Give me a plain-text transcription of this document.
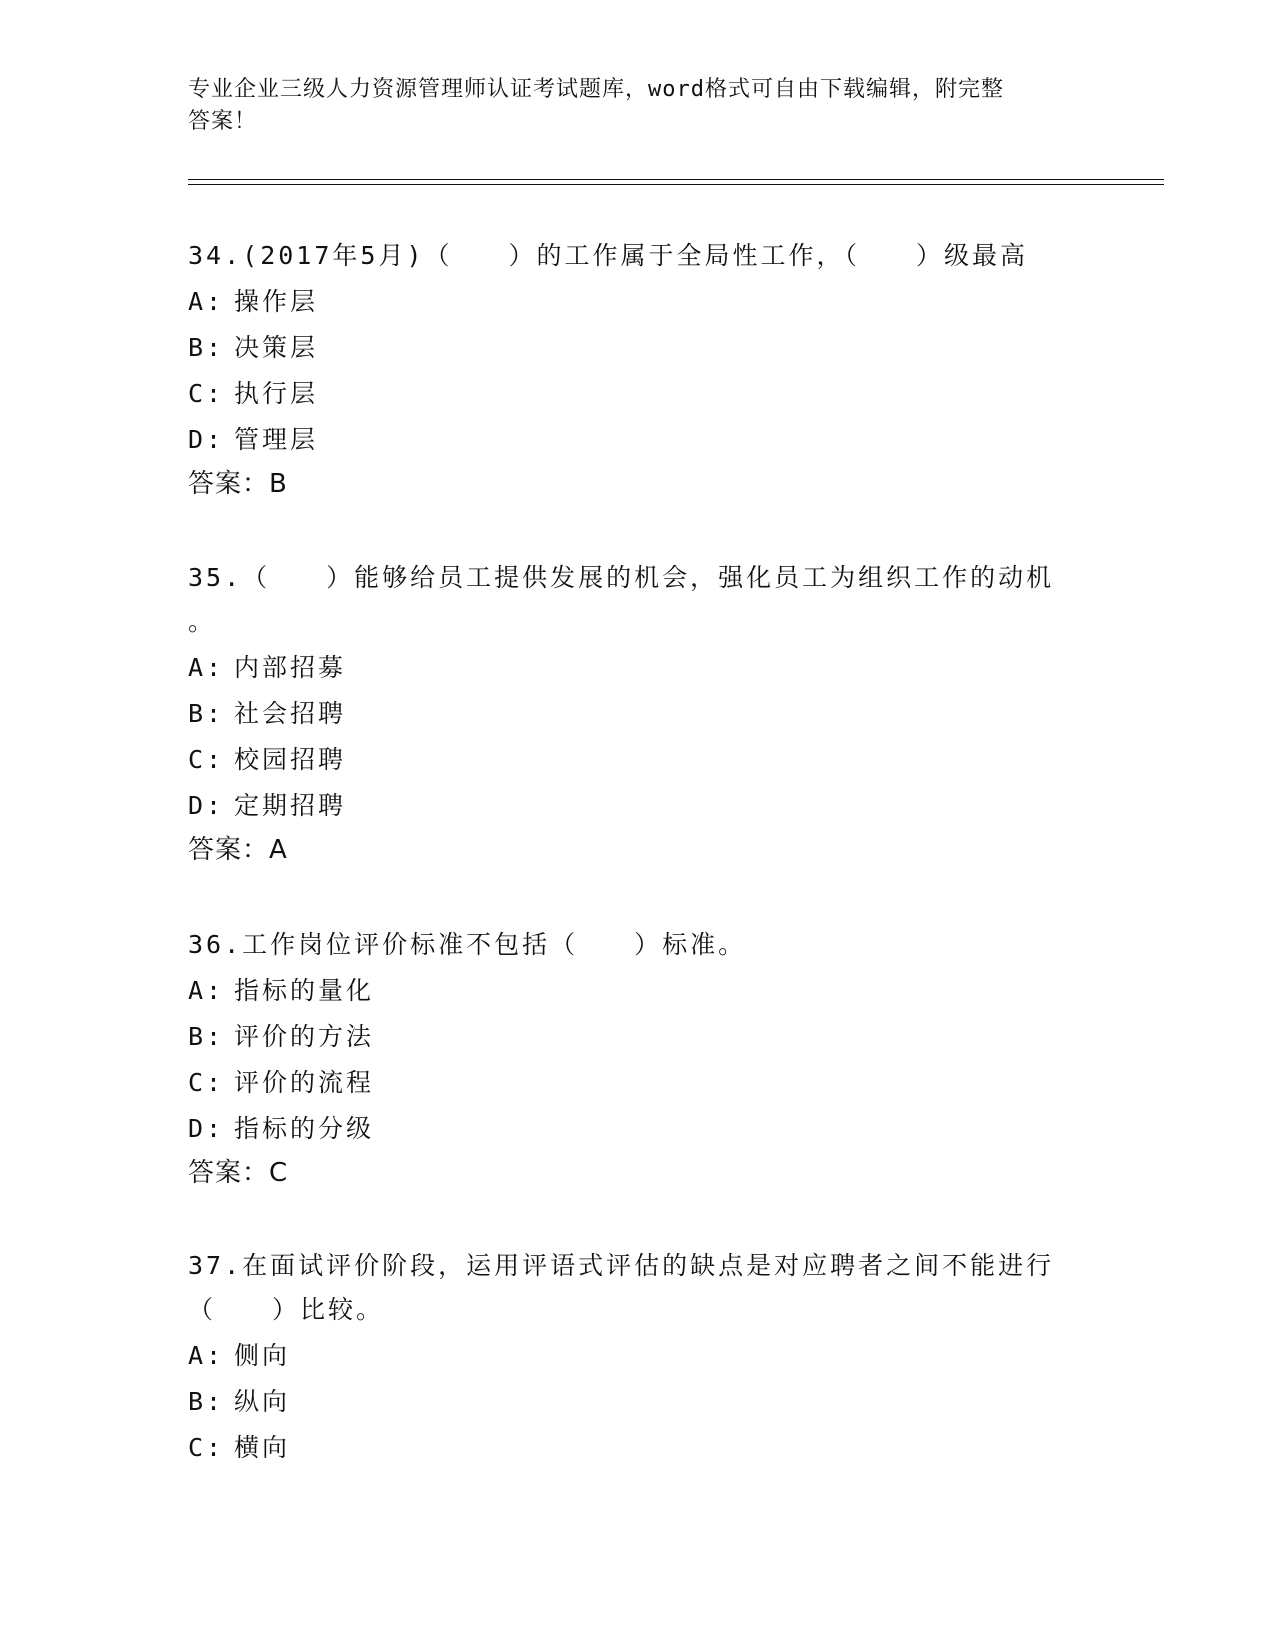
专业企业三级人力资源管理师认证考试题库，word格式可自由下载编辑，附完整
答案！
34.(2017年5月)（　　）的工作属于全局性工作，（　　）级最高
A: 操作层
B: 决策层
C: 执行层
D: 管理层
答案：B
35.（　　）能够给员工提供发展的机会，强化员工为组织工作的动机
。
A: 内部招募
B: 社会招聘
C: 校园招聘
D: 定期招聘
答案：A
36.工作岗位评价标准不包括（　　）标准。
A: 指标的量化
B: 评价的方法
C: 评价的流程
D: 指标的分级
答案：C
37.在面试评价阶段，运用评语式评估的缺点是对应聘者之间不能进行
（　　）比较。
A: 侧向
B: 纵向
C: 横向
